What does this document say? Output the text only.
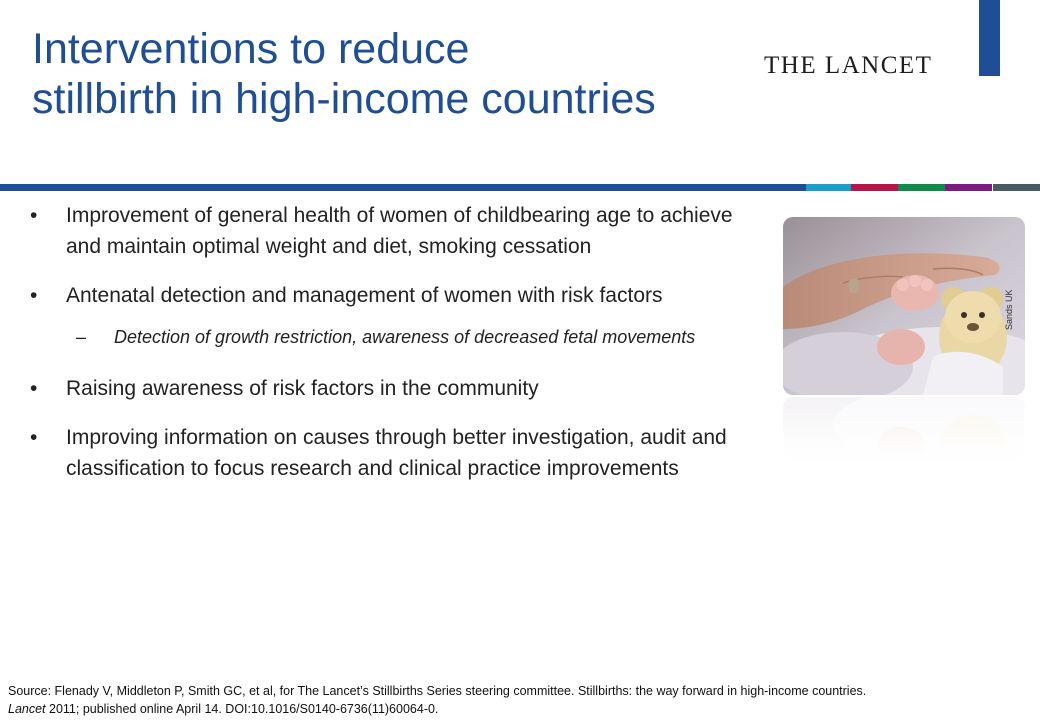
Interventions to reduce
stillbirth in high-income countries
THE LANCET
• Improvement of general health of women of childbearing age to achieve and maintain optimal weight and diet, smoking cessation
• Antenatal detection and management of women with risk factors
– Detection of growth restriction, awareness of decreased fetal movements
• Raising awareness of risk factors in the community
• Improving information on causes through better investigation, audit and classification to focus research and clinical practice improvements
Sands UK
Source: Flenady V, Middleton P, Smith GC, et al, for The Lancet’s Stillbirths Series steering committee. Stillbirths: the way forward in high-income countries.
Lancet 2011; published online April 14. DOI:10.1016/S0140-6736(11)60064-0.
